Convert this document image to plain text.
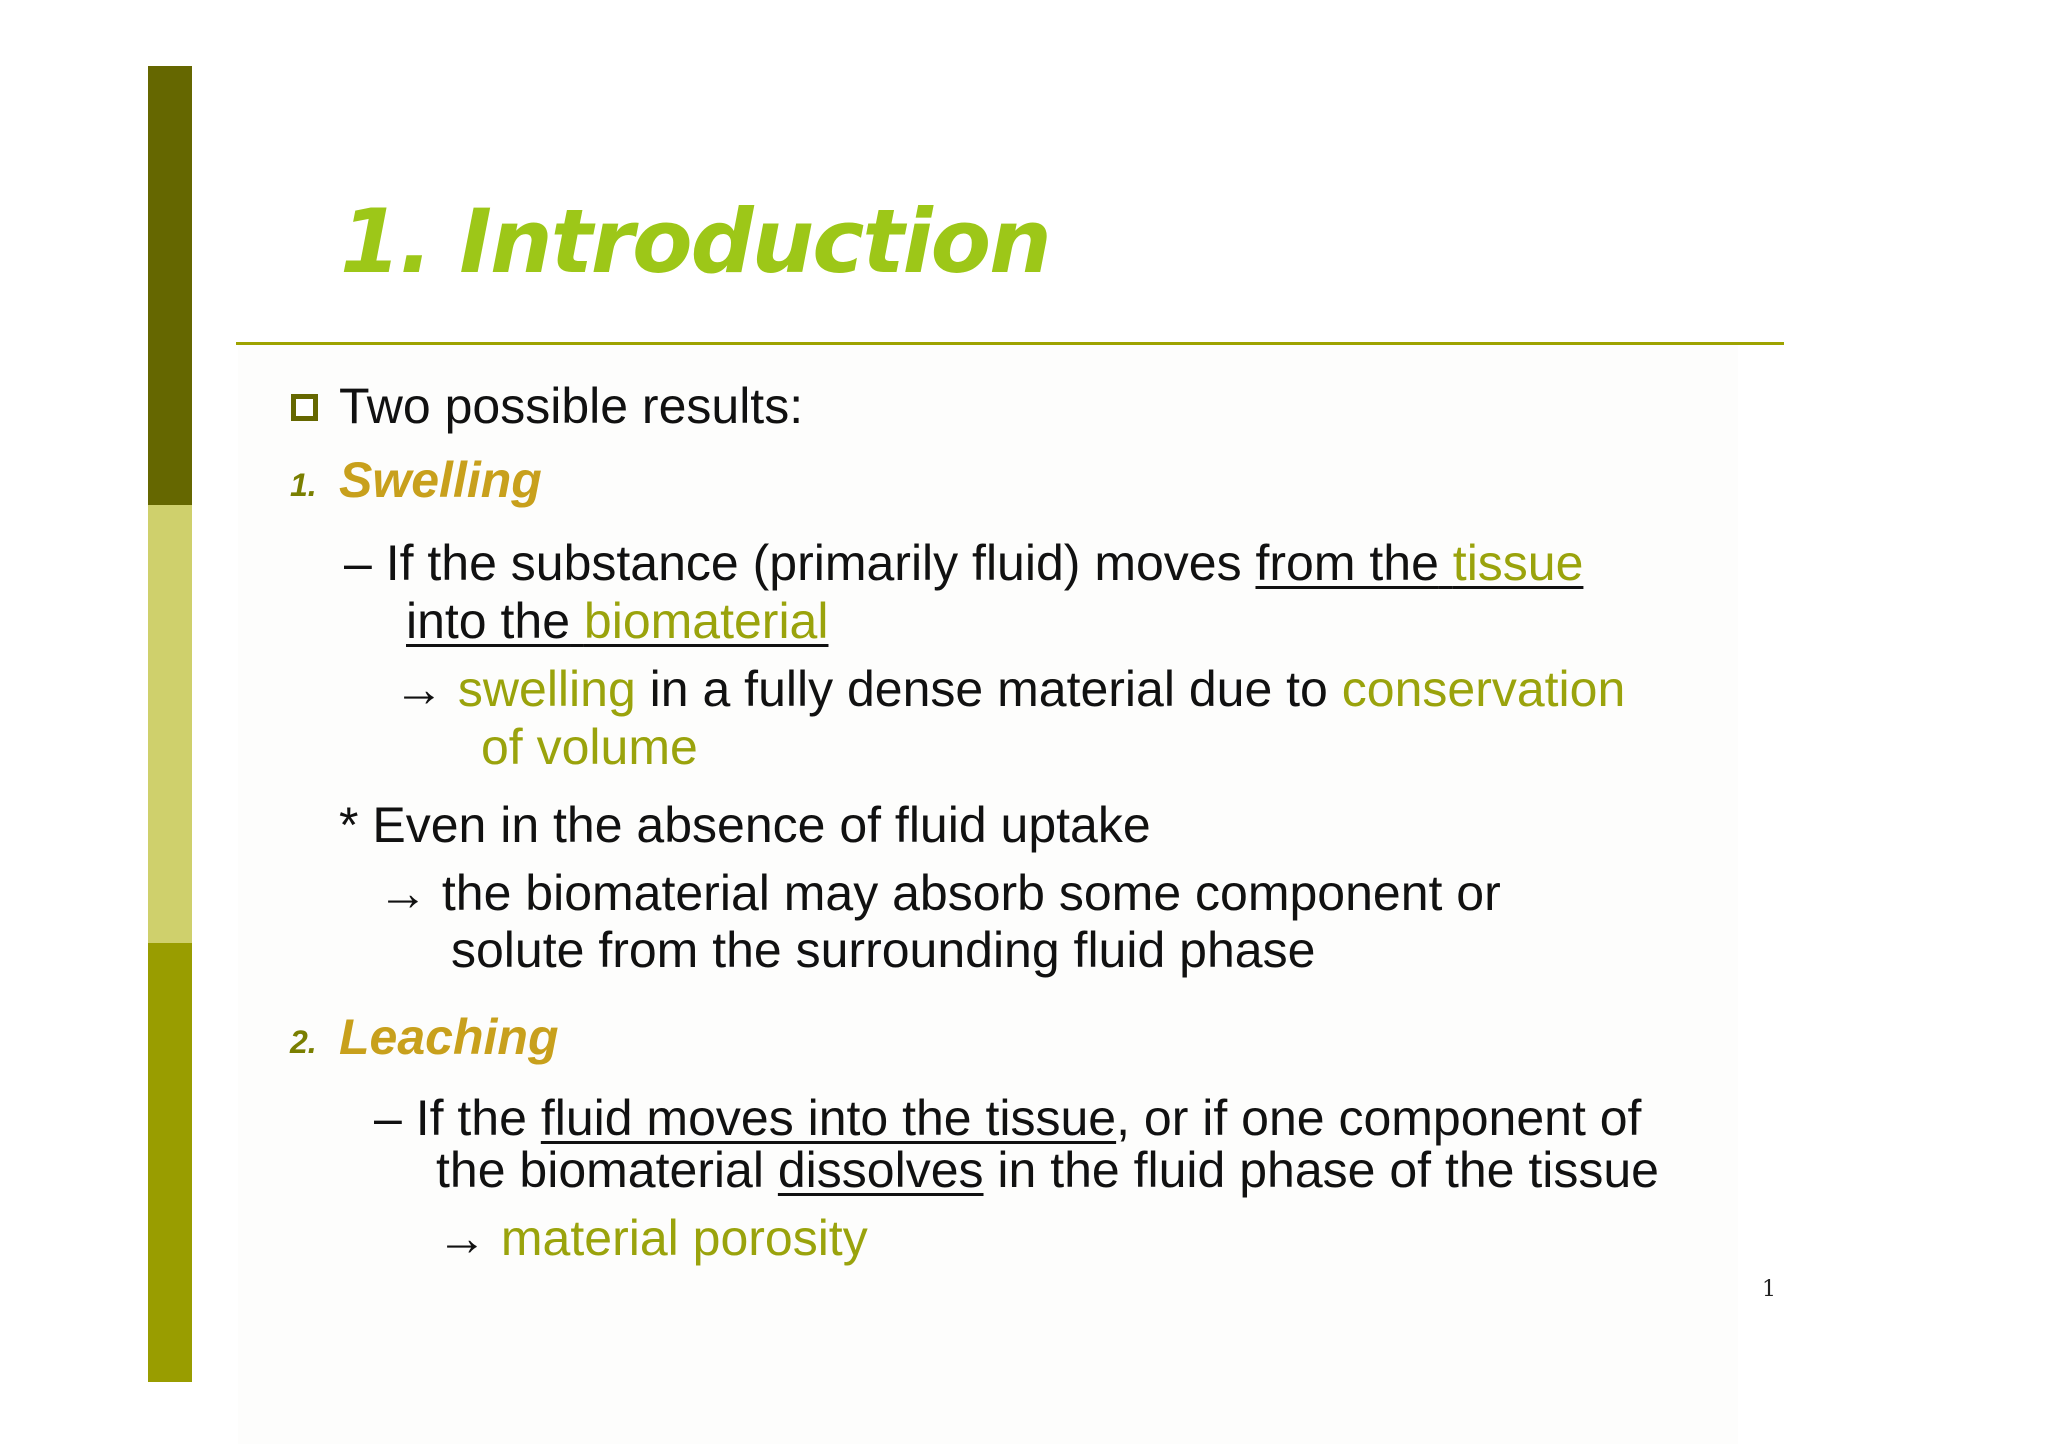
1. Introduction

Two possible results:

1. Swelling

– If the substance (primarily fluid) moves from the tissue

into the biomaterial

→ swelling in a fully dense material due to conservation

of volume

* Even in the absence of fluid uptake

→ the biomaterial may absorb some component or

solute from the surrounding fluid phase

2. Leaching

– If the fluid moves into the tissue, or if one component of

the biomaterial dissolves in the fluid phase of the tissue

→ material porosity

1
